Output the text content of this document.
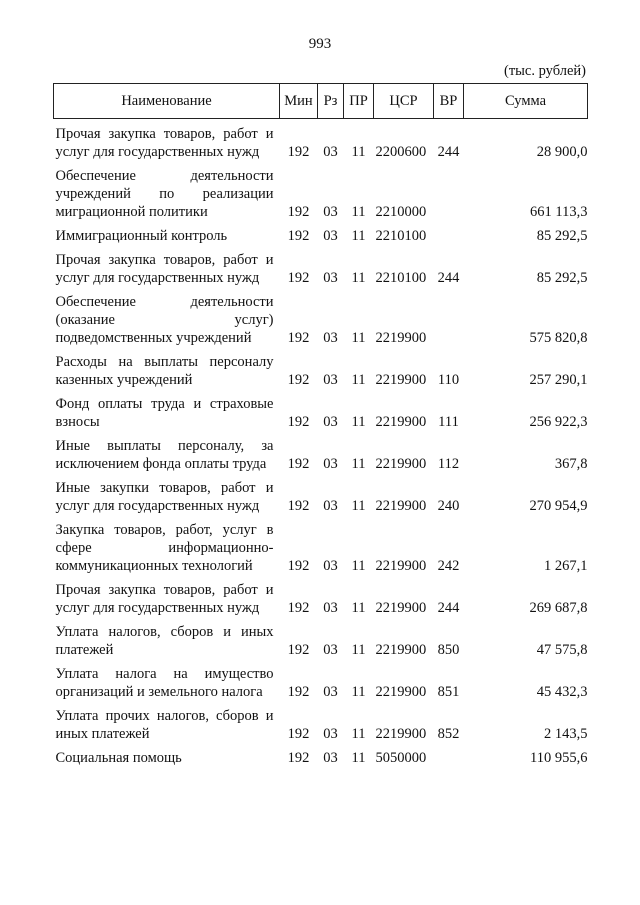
993
(тыс. рублей)
Наименование	Мин	Рз	ПР	ЦСР	ВР	Сумма
Прочая закупка товаров, работ и услуг для государственных нужд	192	03	11	2200600	244	28 900,0
Обеспечение деятельности учреждений по реализации миграционной политики	192	03	11	2210000		661 113,3
Иммиграционный контроль	192	03	11	2210100		85 292,5
Прочая закупка товаров, работ и услуг для государственных нужд	192	03	11	2210100	244	85 292,5
Обеспечение деятельности (оказание услуг) подведомственных учреждений	192	03	11	2219900		575 820,8
Расходы на выплаты персоналу казенных учреждений	192	03	11	2219900	110	257 290,1
Фонд оплаты труда и страховые взносы	192	03	11	2219900	111	256 922,3
Иные выплаты персоналу, за исключением фонда оплаты труда	192	03	11	2219900	112	367,8
Иные закупки товаров, работ и услуг для государственных нужд	192	03	11	2219900	240	270 954,9
Закупка товаров, работ, услуг в сфере информационно-коммуникационных технологий	192	03	11	2219900	242	1 267,1
Прочая закупка товаров, работ и услуг для государственных нужд	192	03	11	2219900	244	269 687,8
Уплата налогов, сборов и иных платежей	192	03	11	2219900	850	47 575,8
Уплата налога на имущество организаций и земельного налога	192	03	11	2219900	851	45 432,3
Уплата прочих налогов, сборов и иных платежей	192	03	11	2219900	852	2 143,5
Социальная помощь	192	03	11	5050000		110 955,6
